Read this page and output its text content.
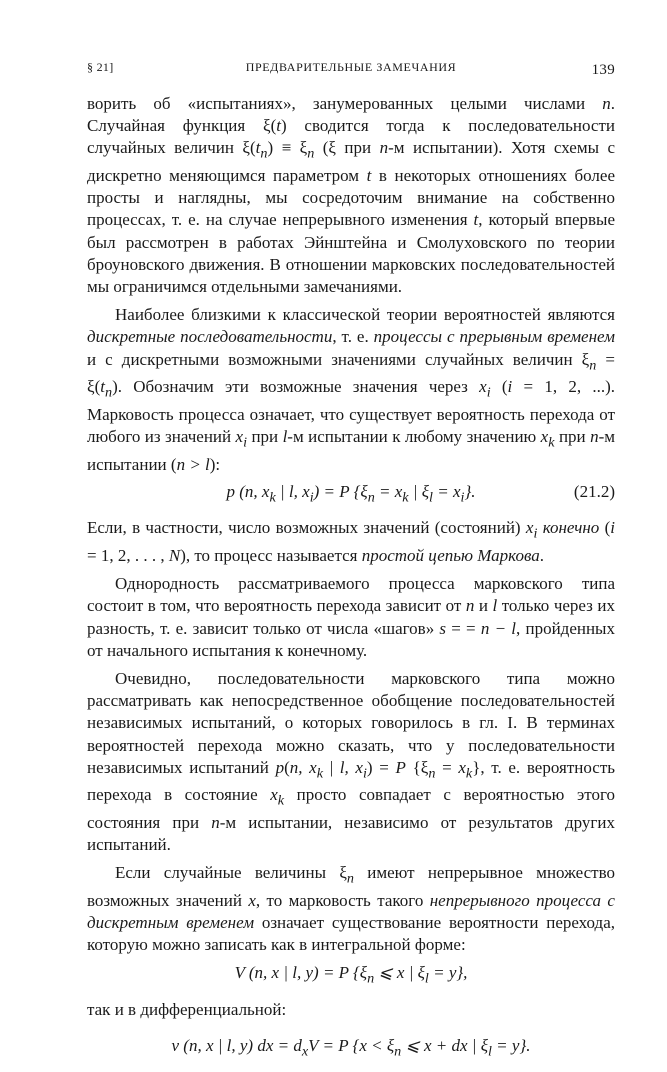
§ 21]	ПРЕДВАРИТЕЛЬНЫЕ ЗАМЕЧАНИЯ	139

ворить об «испытаниях», занумерованных целыми числами n. Случайная функция ξ(t) сводится тогда к последовательности случайных величин $\xi(t_n) \equiv \xi_n$ (ξ при n-м испытании). Хотя схемы с дискретно меняющимся параметром t в некоторых отношениях более просты и наглядны, мы сосредоточим внимание на собственно процессах, т. е. на случае непрерывного изменения t, который впервые был рассмотрен в работах Эйнштейна и Смолуховского по теории броуновского движения. В отношении марковских последовательностей мы ограничимся отдельными замечаниями.

Наиболее близкими к классической теории вероятностей являются дискретные последовательности, т. е. процессы с прерывным временем и с дискретными возможными значениями случайных величин $\xi_n = \xi(t_n)$. Обозначим эти возможные значения через $x_i$ (i = 1, 2, ...). Марковость процесса означает, что существует вероятность перехода от любого из значений $x_i$ при l-м испытании к любому значению $x_k$ при n-м испытании (n > l):

p (n, $x_k$ | l, $x_i) = P$ {$\xi_n = x_k$ | $\xi_l = x_i$}.	(21.2)

Если, в частности, число возможных значений (состояний) $x_i$ конечно (i = 1, 2, . . . , N), то процесс называется простой цепью Маркова.

Однородность рассматриваемого процесса марковского типа состоит в том, что вероятность перехода зависит от n и l только через их разность, т. е. зависит только от числа «шагов» s = = n − l, пройденных от начального испытания к конечному.

Очевидно, последовательности марковского типа можно рассматривать как непосредственное обобщение последовательностей независимых испытаний, о которых говорилось в гл. I. В терминах вероятностей перехода можно сказать, что у последовательности независимых испытаний p(n, $x_k$ | l, $x_i) = P$ $\{\xi_n = x_k\}$, т. е. вероятность перехода в состояние $x_k$ просто совпадает с вероятностью этого состояния при n-м испытании, независимо от результатов других испытаний.

Если случайные величины $\xi_n$ имеют непрерывное множество возможных значений x, то марковость такого непрерывного процесса с дискретным временем означает существование вероятности перехода, которую можно записать как в интегральной форме:

V (n, x | l, y) = P {$\xi_n$ ⩽ x | $\xi_l = y$},

так и в дифференциальной:

v (n, x | l, y) dx = $d_xV = P$ {$x < \xi_n$ ⩽ x + dx | $\xi_l = y$}.
